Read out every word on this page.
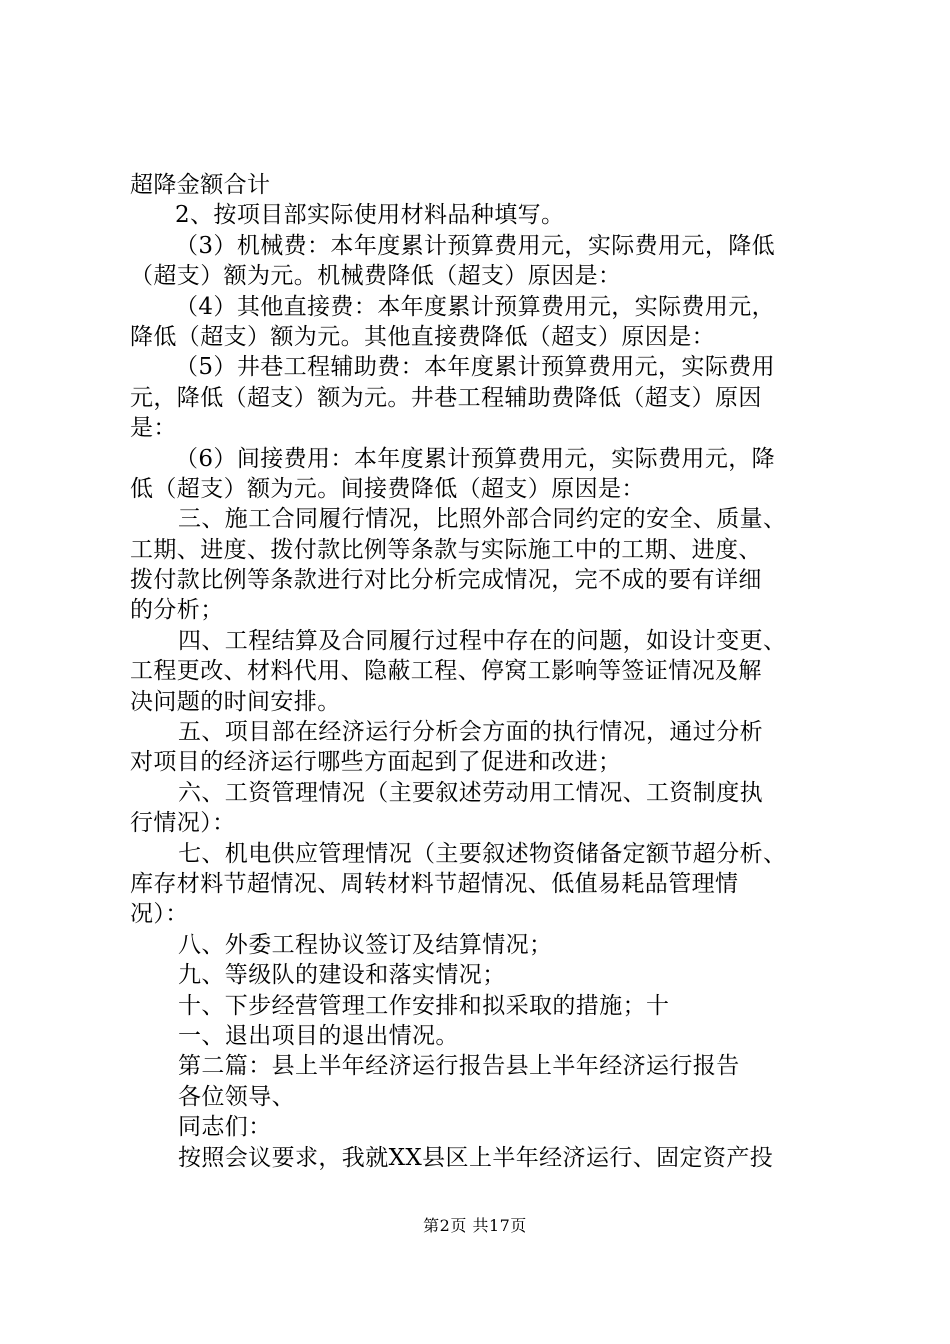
超降金额合计
2、按项目部实际使用材料品种填写。
（3）机械费：本年度累计预算费用元，实际费用元，降低
（超支）额为元。机械费降低（超支）原因是：
（4）其他直接费：本年度累计预算费用元，实际费用元，
降低（超支）额为元。其他直接费降低（超支）原因是：
（5）井巷工程辅助费：本年度累计预算费用元，实际费用
元，降低（超支）额为元。井巷工程辅助费降低（超支）原因
是：
（6）间接费用：本年度累计预算费用元，实际费用元，降
低（超支）额为元。间接费降低（超支）原因是：
三、施工合同履行情况，比照外部合同约定的安全、质量、
工期、进度、拨付款比例等条款与实际施工中的工期、进度、
拨付款比例等条款进行对比分析完成情况，完不成的要有详细
的分析；
四、工程结算及合同履行过程中存在的问题，如设计变更、
工程更改、材料代用、隐蔽工程、停窝工影响等签证情况及解
决问题的时间安排。
五、项目部在经济运行分析会方面的执行情况，通过分析
对项目的经济运行哪些方面起到了促进和改进；
六、工资管理情况（主要叙述劳动用工情况、工资制度执
行情况）：
七、机电供应管理情况（主要叙述物资储备定额节超分析、
库存材料节超情况、周转材料节超情况、低值易耗品管理情
况）：
八、外委工程协议签订及结算情况；
九、等级队的建设和落实情况；
十、下步经营管理工作安排和拟采取的措施；十
一、退出项目的退出情况。
第二篇：县上半年经济运行报告县上半年经济运行报告
各位领导、
同志们：
按照会议要求，我就XX县区上半年经济运行、固定资产投
第2页 共17页
